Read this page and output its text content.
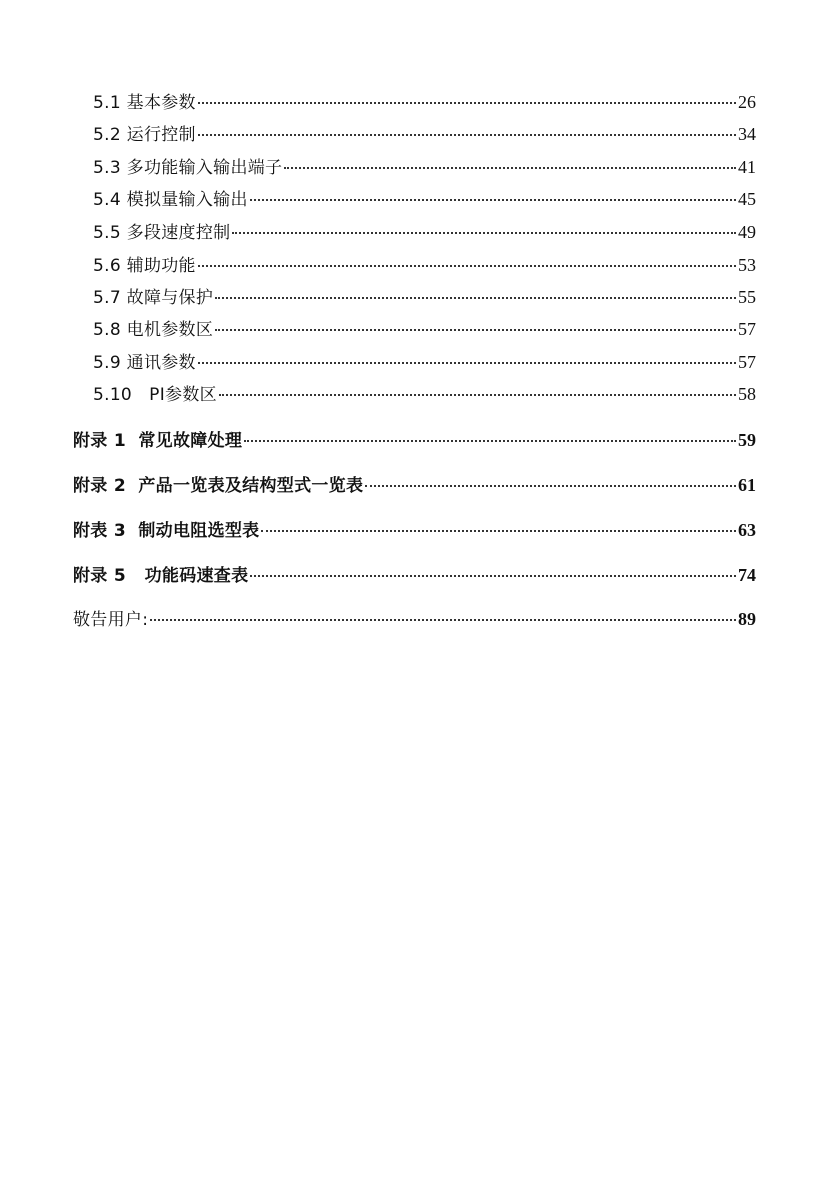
5.1 基本参数	26
5.2 运行控制	34
5.3 多功能输入输出端子	41
5.4 模拟量输入输出	45
5.5 多段速度控制	49
5.6 辅助功能	53
5.7 故障与保护	55
5.8 电机参数区	57
5.9 通讯参数	57
5.10   PI参数区	58
附录 1  常见故障处理	59
附录 2  产品一览表及结构型式一览表	61
附表 3  制动电阻选型表	63
附录 5   功能码速查表	74
敬告用户:	89
